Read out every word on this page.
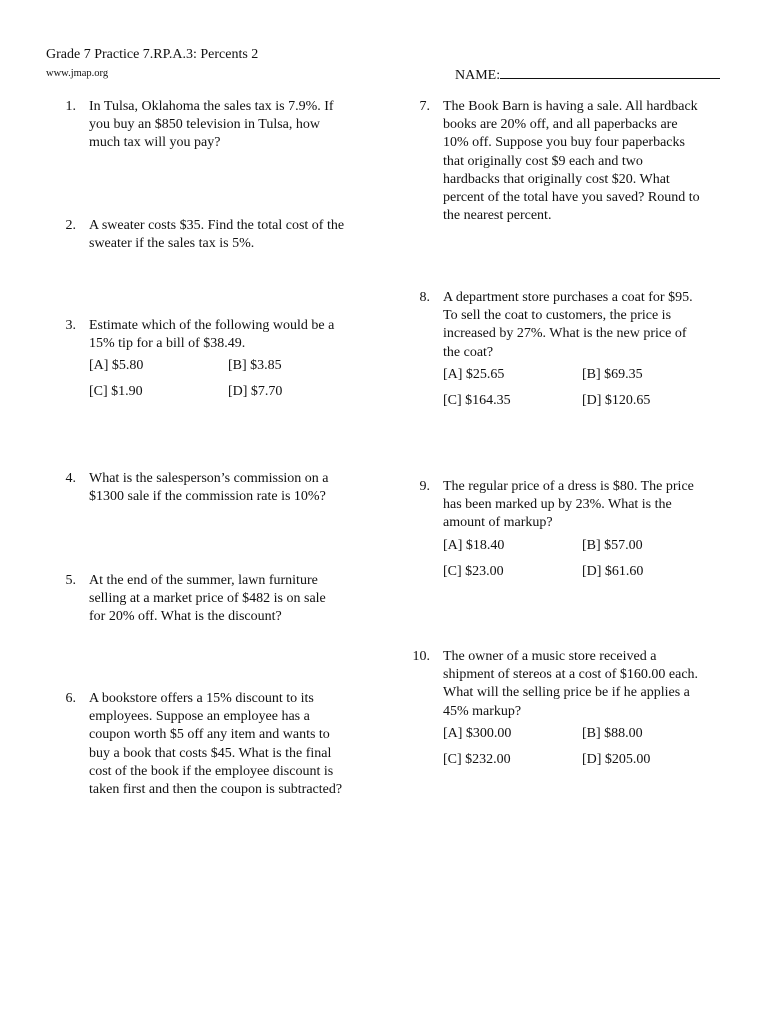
Grade 7 Practice 7.RP.A.3: Percents 2
www.jmap.org	NAME:
1. In Tulsa, Oklahoma the sales tax is 7.9%. If
you buy an $850 television in Tulsa, how
much tax will you pay?
2. A sweater costs $35. Find the total cost of the
sweater if the sales tax is 5%.
3. Estimate which of the following would be a
15% tip for a bill of $38.49.
[A] $5.80	[B] $3.85
[C] $1.90	[D] $7.70
4. What is the salesperson’s commission on a
$1300 sale if the commission rate is 10%?
5. At the end of the summer, lawn furniture
selling at a market price of $482 is on sale
for 20% off. What is the discount?
6. A bookstore offers a 15% discount to its
employees. Suppose an employee has a
coupon worth $5 off any item and wants to
buy a book that costs $45. What is the final
cost of the book if the employee discount is
taken first and then the coupon is subtracted?
7. The Book Barn is having a sale. All hardback
books are 20% off, and all paperbacks are
10% off. Suppose you buy four paperbacks
that originally cost $9 each and two
hardbacks that originally cost $20. What
percent of the total have you saved? Round to
the nearest percent.
8. A department store purchases a coat for $95.
To sell the coat to customers, the price is
increased by 27%. What is the new price of
the coat?
[A] $25.65	[B] $69.35
[C] $164.35	[D] $120.65
9. The regular price of a dress is $80. The price
has been marked up by 23%. What is the
amount of markup?
[A] $18.40	[B] $57.00
[C] $23.00	[D] $61.60
10. The owner of a music store received a
shipment of stereos at a cost of $160.00 each.
What will the selling price be if he applies a
45% markup?
[A] $300.00	[B] $88.00
[C] $232.00	[D] $205.00
